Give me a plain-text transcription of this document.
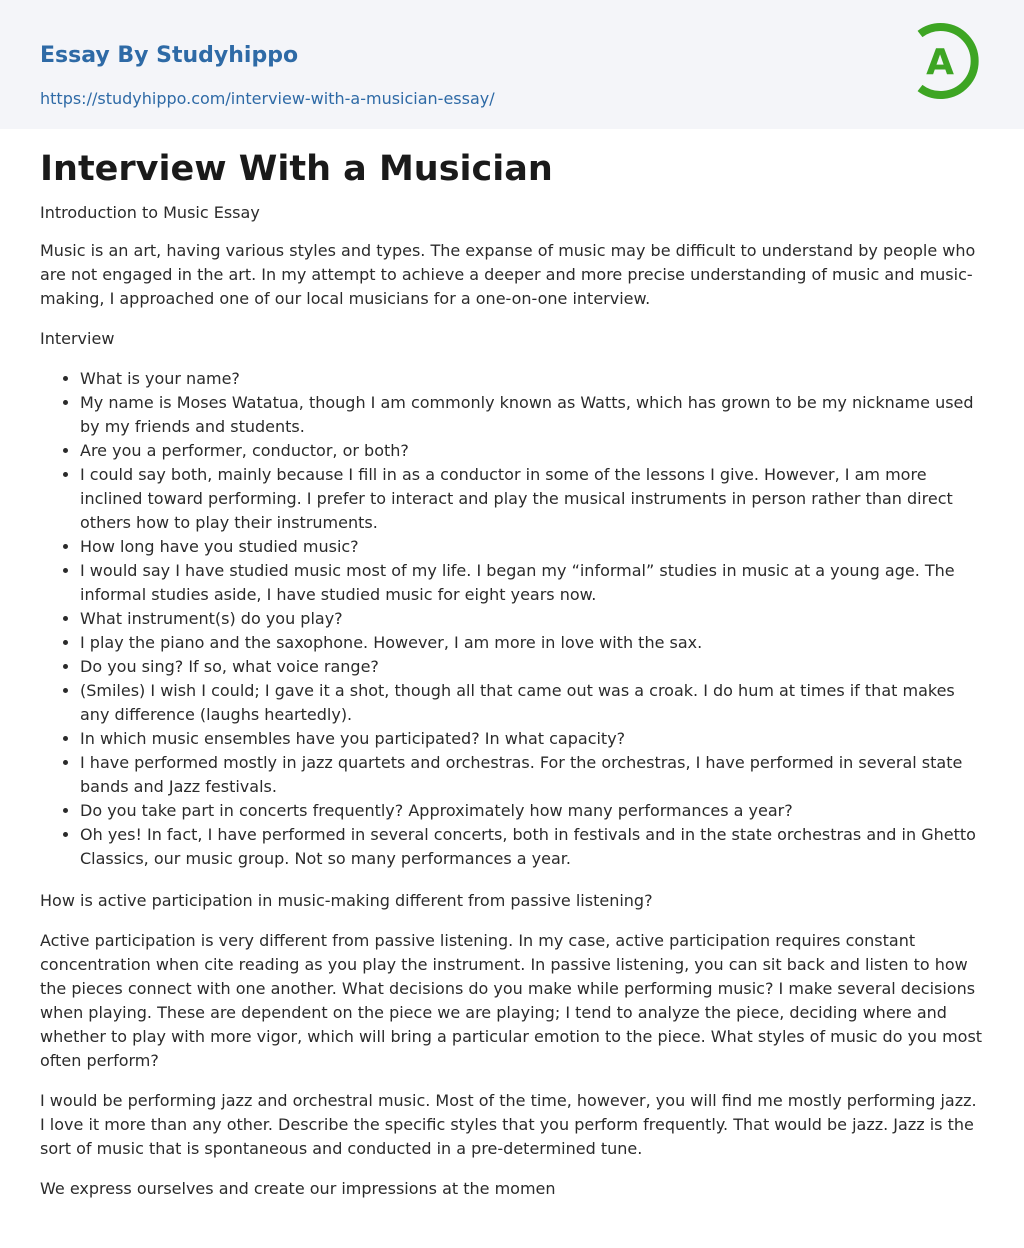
Essay By Studyhippo
https://studyhippo.com/interview-with-a-musician-essay/
A
Interview With a Musician

Introduction to Music Essay

Music is an art, having various styles and types. The expanse of music may be difficult to understand by people who are not engaged in the art. In my attempt to achieve a deeper and more precise understanding of music and music-making, I approached one of our local musicians for a one-on-one interview.

Interview

• What is your name?
• My name is Moses Watatua, though I am commonly known as Watts, which has grown to be my nickname used by my friends and students.
• Are you a performer, conductor, or both?
• I could say both, mainly because I fill in as a conductor in some of the lessons I give. However, I am more inclined toward performing. I prefer to interact and play the musical instruments in person rather than direct others how to play their instruments.
• How long have you studied music?
• I would say I have studied music most of my life. I began my “informal” studies in music at a young age. The informal studies aside, I have studied music for eight years now.
• What instrument(s) do you play?
• I play the piano and the saxophone. However, I am more in love with the sax.
• Do you sing? If so, what voice range?
• (Smiles) I wish I could; I gave it a shot, though all that came out was a croak. I do hum at times if that makes any difference (laughs heartedly).
• In which music ensembles have you participated? In what capacity?
• I have performed mostly in jazz quartets and orchestras. For the orchestras, I have performed in several state bands and Jazz festivals.
• Do you take part in concerts frequently? Approximately how many performances a year?
• Oh yes! In fact, I have performed in several concerts, both in festivals and in the state orchestras and in Ghetto Classics, our music group. Not so many performances a year.

How is active participation in music-making different from passive listening?

Active participation is very different from passive listening. In my case, active participation requires constant concentration when cite reading as you play the instrument. In passive listening, you can sit back and listen to how the pieces connect with one another. What decisions do you make while performing music? I make several decisions when playing. These are dependent on the piece we are playing; I tend to analyze the piece, deciding where and whether to play with more vigor, which will bring a particular emotion to the piece. What styles of music do you most often perform?

I would be performing jazz and orchestral music. Most of the time, however, you will find me mostly performing jazz. I love it more than any other. Describe the specific styles that you perform frequently. That would be jazz. Jazz is the sort of music that is spontaneous and conducted in a pre-determined tune.

We express ourselves and create our impressions at the momen
